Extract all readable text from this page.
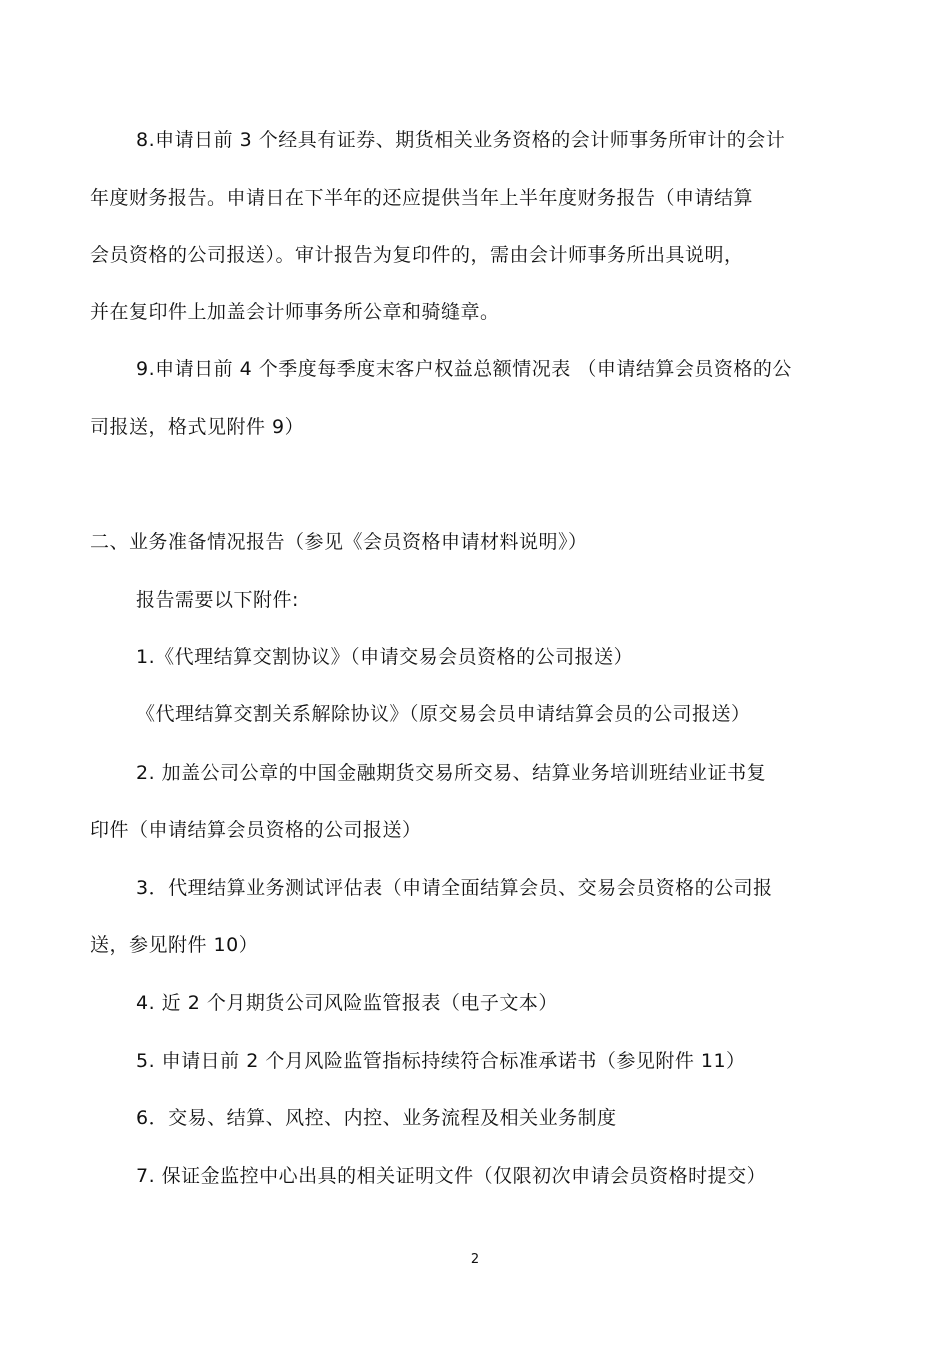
8.申请日前 3 个经具有证券、期货相关业务资格的会计师事务所审计的会计
年度财务报告。申请日在下半年的还应提供当年上半年度财务报告（申请结算
会员资格的公司报送）。审计报告为复印件的，需由会计师事务所出具说明，
并在复印件上加盖会计师事务所公章和骑缝章。
9.申请日前 4 个季度每季度末客户权益总额情况表 （申请结算会员资格的公
司报送，格式见附件 9）
二、业务准备情况报告（参见《会员资格申请材料说明》）
报告需要以下附件:
1.《代理结算交割协议》（申请交易会员资格的公司报送）
《代理结算交割关系解除协议》（原交易会员申请结算会员的公司报送）
2. 加盖公司公章的中国金融期货交易所交易、结算业务培训班结业证书复
印件（申请结算会员资格的公司报送）
3．代理结算业务测试评估表（申请全面结算会员、交易会员资格的公司报
送，参见附件 10）
4. 近 2 个月期货公司风险监管报表（电子文本）
5. 申请日前 2 个月风险监管指标持续符合标准承诺书（参见附件 11）
6．交易、结算、风控、内控、业务流程及相关业务制度
7. 保证金监控中心出具的相关证明文件（仅限初次申请会员资格时提交）
2
